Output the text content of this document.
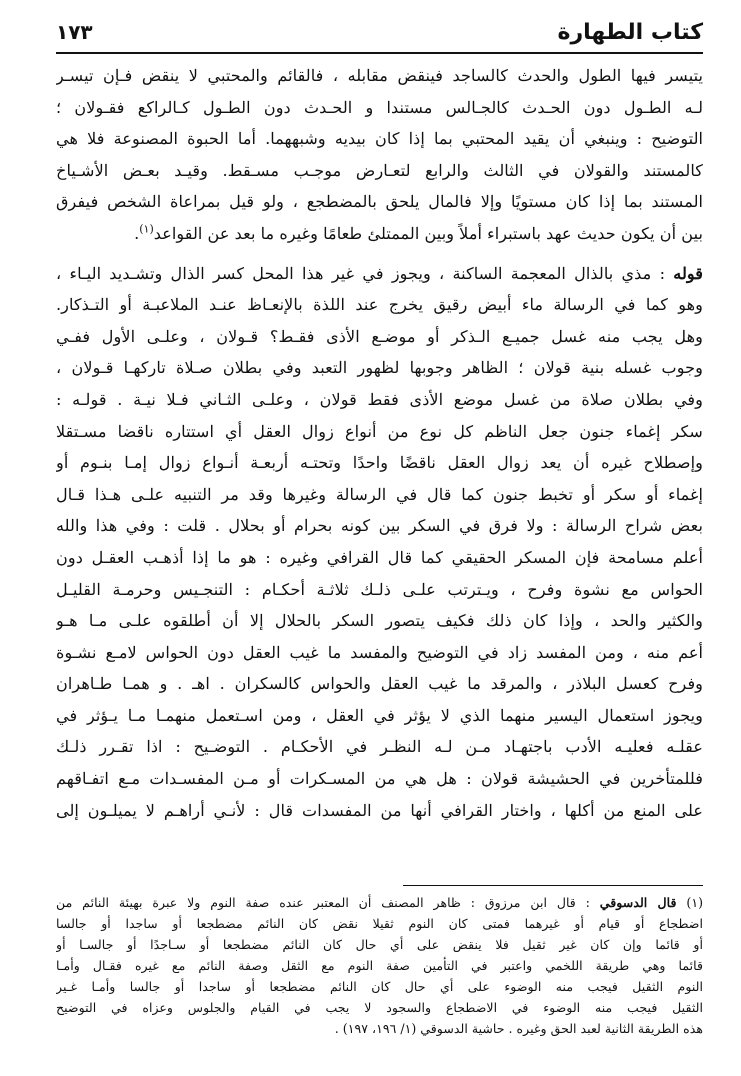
كتاب الطهارة
١٧٣
يتيسر فيها الطول والحدث كالساجد فينقض مقابله ، فالقائم والمحتبي لا ينقض فـإن تيسـر
لـه الطـول دون الحـدث كالجـالس مستندا و الحـدث دون الطـول كـالراكع فقـولان ؛
التوضيح : وينبغي أن يقيد المحتبي بما إذا كان بيديه وشبههما. أما الحبوة المصنوعة فلا هي
كالمستند والقولان في الثالث والرابع لتعـارض موجـب مسـقط. وقيـد بعـض الأشـياخ
المستند بما إذا كان مستويًا وإلا فالمال يلحق بالمضطجع ، ولو قيل بمراعاة الشخص فيفرق
بين أن يكون حديث عهد باستبراء أملاً وبين الممتلئ طعامًا وغيره ما بعد عن القواعد$^{(١)}$.
قوله : مذي بالذال المعجمة الساكنة ، ويجوز في غير هذا المحل كسر الذال وتشـديد اليـاء ،
وهو كما في الرسالة ماء أبيض رقيق يخرج عند اللذة بالإنعـاظ عنـد الملاعبـة أو التـذكار.
وهل يجب منه غسل جميـع الـذكر أو موضـع الأذى فقـط؟ قـولان ، وعلـى الأول ففـي
وجوب غسله بنية قولان ؛ الظاهر وجوبها لظهور التعبد وفي بطلان صـلاة تاركهـا قـولان ،
وفي بطلان صلاة من غسل موضع الأذى فقط قولان ، وعلـى الثـاني فـلا نيـة . قولـه :
سكر إغماء جنون جعل الناظم كل نوع من أنواع زوال العقل أي استتاره ناقضا مسـتقلا
وإصطلاح غيره أن يعد زوال العقل ناقضًا واحدًا وتحتـه أربعـة أنـواع زوال إمـا بنـوم أو
إغماء أو سكر أو تخبط جنون كما قال في الرسالة وغيرها وقد مر التنبيه علـى هـذا قـال
بعض شراح الرسالة : ولا فرق في السكر بين كونه بحرام أو بحلال . قلت : وفي هذا والله
أعلم مسامحة فإن المسكر الحقيقي كما قال القرافي وغيره : هو ما إذا أذهـب العقـل دون
الحواس مع نشوة وفرح ، ويـترتب علـى ذلـك ثلاثـة أحكـام : التنجـيس وحرمـة القليـل
والكثير والحد ، وإذا كان ذلك فكيف يتصور السكر بالحلال إلا أن أطلقوه علـى مـا هـو
أعم منه ، ومن المفسد زاد في التوضيح والمفسد ما غيب العقل دون الحواس لامـع نشـوة
وفرح كعسل البلاذر ، والمرقد ما غيب العقل والحواس كالسكران . اهـ . و همـا طـاهران
ويجوز استعمال اليسير منهما الذي لا يؤثر في العقل ، ومن اسـتعمل منهمـا مـا يـؤثر في
عقلـه فعليـه الأدب باجتهـاد مـن لـه النظـر في الأحكـام . التوضـيح : اذا تقـرر ذلـك
فللمتأخرين في الحشيشة قولان : هل هي من المسـكرات أو مـن المفسـدات مـع اتفـاقهم
على المنع من أكلها ، واختار القرافي أنها من المفسدات قال : لأنـي أراهـم لا يميلـون إلى
(١) قال الدسوقي : قال ابن مرزوق : ظاهر المصنف أن المعتبر عنده صفة النوم ولا عبرة بهيئة النائم من
اضطجاع أو قيام أو غيرهما فمتى كان النوم ثقيلا نقض كان النائم مضطجعا أو ساجدا أو جالسا
أو قائما وإن كان غير ثقيل فلا ينقض على أي حال كان النائم مضطجعا أو سـاجدًا أو جالسـا أو
قائما وهي طريقة اللخمي واعتبر في التأمين صفة النوم مع الثقل وصفة النائم مع غيره فقـال وأمـا
النوم الثقيل فيجب منه الوضوء على أي حال كان النائم مضطجعا أو ساجدا أو جالسا وأمـا غـير
الثقيل فيجب منه الوضوء في الاضطجاع والسجود لا يجب في القيام والجلوس وعزاه في التوضيح
هذه الطريقة الثانية لعبد الحق وغيره . حاشية الدسوقي (١/ ١٩٦، ١٩٧) .
